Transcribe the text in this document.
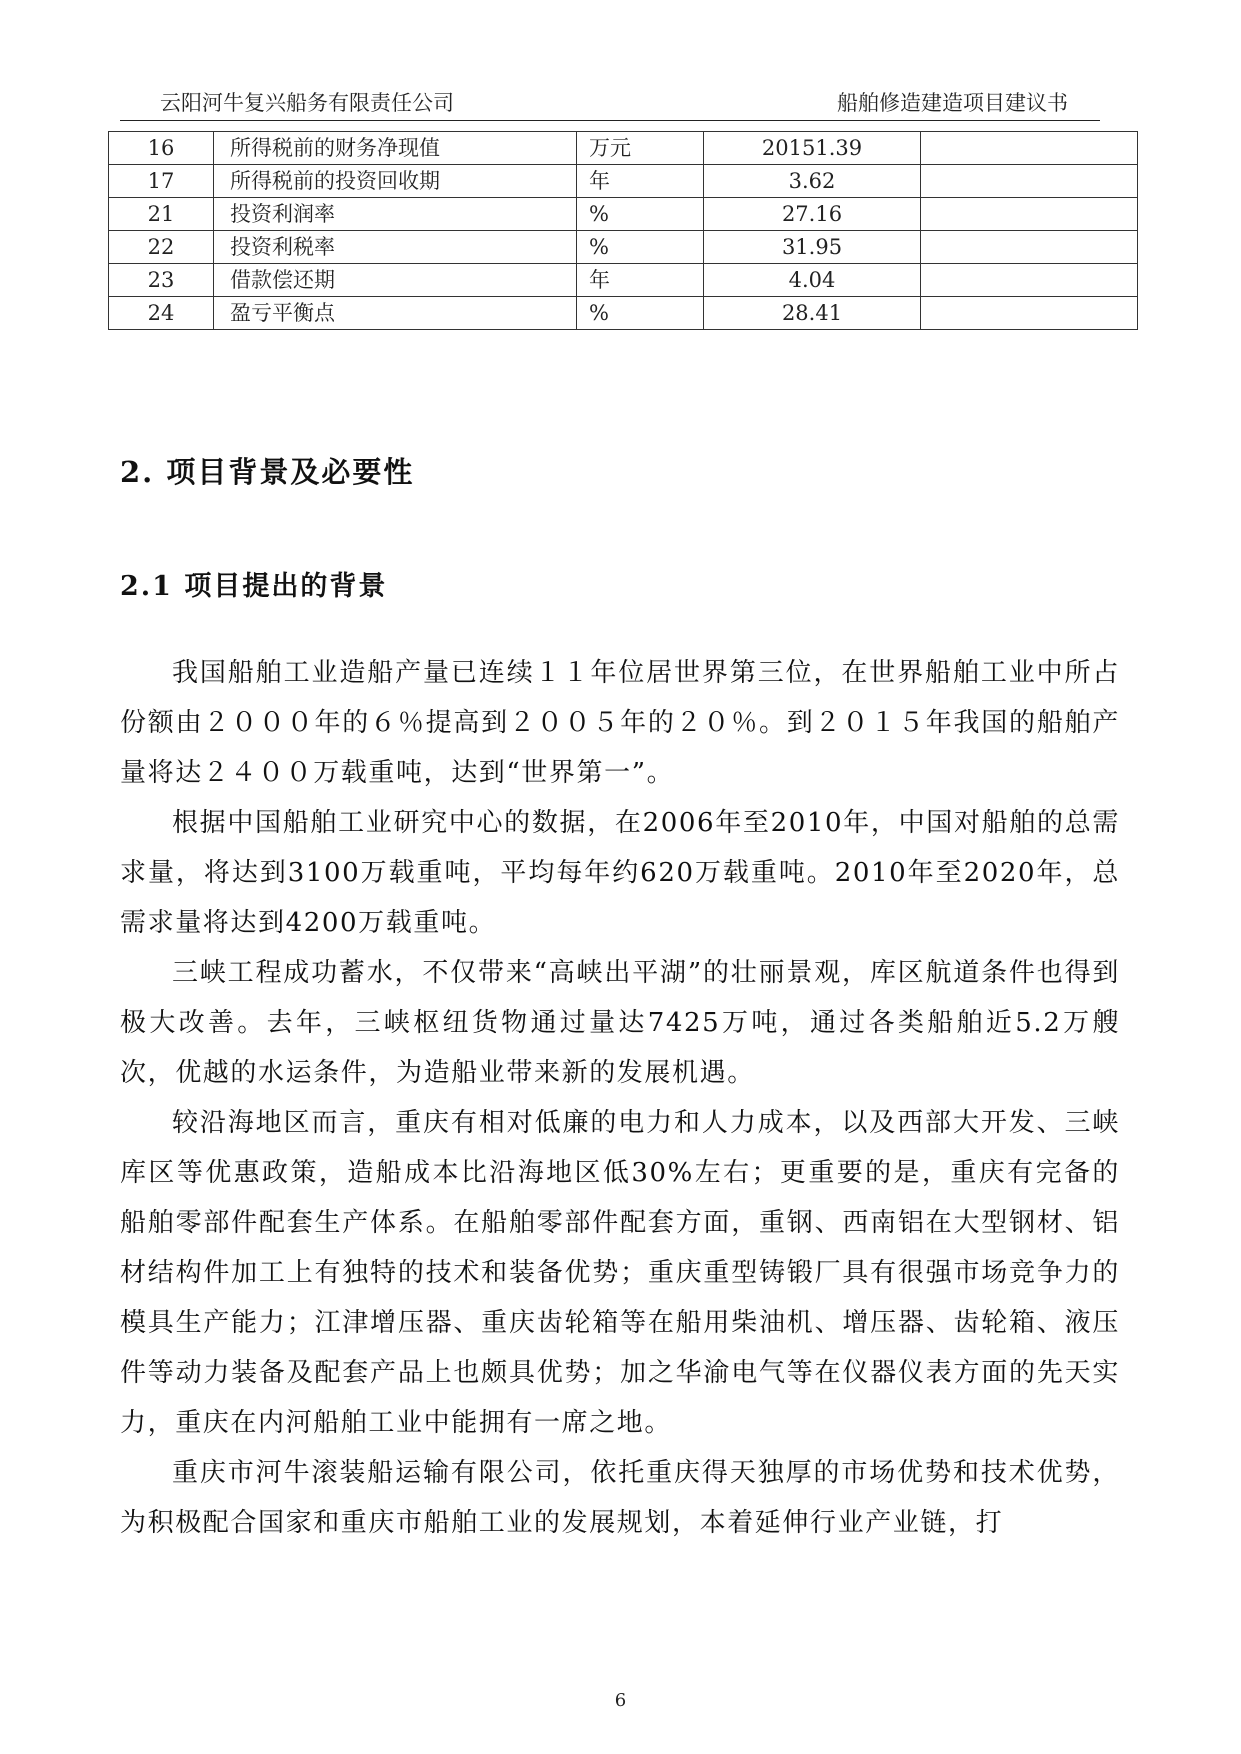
云阳河牛复兴船务有限责任公司	船舶修造建造项目建议书
16	所得税前的财务净现值	万元	20151.39	
17	所得税前的投资回收期	年	3.62	
21	投资利润率	%	27.16	
22	投资利税率	%	31.95	
23	借款偿还期	年	4.04	
24	盈亏平衡点	%	28.41	
2. 项目背景及必要性
2.1 项目提出的背景

我国船舶工业造船产量已连续１１年位居世界第三位，在世界船舶工业中所占份额由２０００年的６％提高到２００５年的２０％。到２０１５年我国的船舶产量将达２４００万载重吨，达到“世界第一”。

根据中国船舶工业研究中心的数据，在2006年至2010年，中国对船舶的总需求量，将达到3100万载重吨，平均每年约620万载重吨。2010年至2020年，总需求量将达到4200万载重吨。

三峡工程成功蓄水，不仅带来“高峡出平湖”的壮丽景观，库区航道条件也得到极大改善。去年，三峡枢纽货物通过量达7425万吨，通过各类船舶近5.2万艘次，优越的水运条件，为造船业带来新的发展机遇。

较沿海地区而言，重庆有相对低廉的电力和人力成本，以及西部大开发、三峡库区等优惠政策，造船成本比沿海地区低30%左右；更重要的是，重庆有完备的船舶零部件配套生产体系。在船舶零部件配套方面，重钢、西南铝在大型钢材、铝材结构件加工上有独特的技术和装备优势；重庆重型铸锻厂具有很强市场竞争力的模具生产能力；江津增压器、重庆齿轮箱等在船用柴油机、增压器、齿轮箱、液压件等动力装备及配套产品上也颇具优势；加之华渝电气等在仪器仪表方面的先天实力，重庆在内河船舶工业中能拥有一席之地。

重庆市河牛滚装船运输有限公司，依托重庆得天独厚的市场优势和技术优势，为积极配合国家和重庆市船舶工业的发展规划，本着延伸行业产业链，打

6
